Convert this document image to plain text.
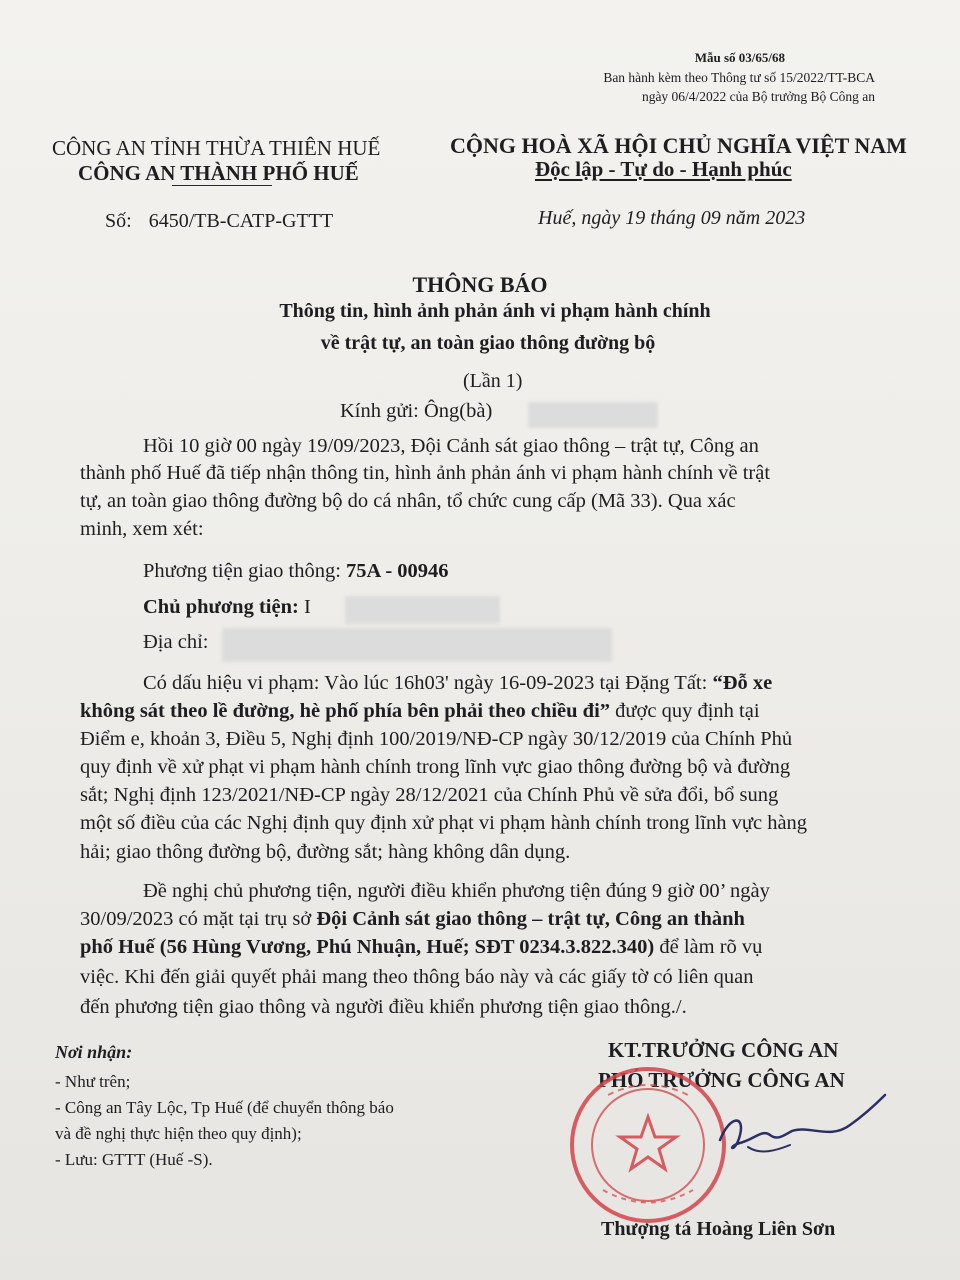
Mẫu số 03/65/68
Ban hành kèm theo Thông tư số 15/2022/TT-BCA
ngày 06/4/2022 của Bộ trưởng Bộ Công an
CÔNG AN TỈNH THỪA THIÊN HUẾ
CÔNG AN THÀNH PHỐ HUẾ
CỘNG HOÀ XÃ HỘI CHỦ NGHĨA VIỆT NAM
Độc lập - Tự do - Hạnh phúc
Số: 6450/TB-CATP-GTTT	Huế, ngày 19 tháng 09 năm 2023
THÔNG BÁO
Thông tin, hình ảnh phản ánh vi phạm hành chính
về trật tự, an toàn giao thông đường bộ
(Lần 1)
Kính gửi: Ông(bà)
Hồi 10 giờ 00 ngày 19/09/2023, Đội Cảnh sát giao thông – trật tự, Công an
thành phố Huế đã tiếp nhận thông tin, hình ảnh phản ánh vi phạm hành chính về trật
tự, an toàn giao thông đường bộ do cá nhân, tổ chức cung cấp (Mã 33). Qua xác
minh, xem xét:
Phương tiện giao thông: 75A - 00946
Chủ phương tiện: I
Địa chỉ:
Có dấu hiệu vi phạm: Vào lúc 16h03' ngày 16-09-2023 tại Đặng Tất: “Đỗ xe
không sát theo lề đường, hè phố phía bên phải theo chiều đi” được quy định tại
Điểm e, khoản 3, Điều 5, Nghị định 100/2019/NĐ-CP ngày 30/12/2019 của Chính Phủ
quy định về xử phạt vi phạm hành chính trong lĩnh vực giao thông đường bộ và đường
sắt; Nghị định 123/2021/NĐ-CP ngày 28/12/2021 của Chính Phủ về sửa đổi, bổ sung
một số điều của các Nghị định quy định xử phạt vi phạm hành chính trong lĩnh vực hàng
hải; giao thông đường bộ, đường sắt; hàng không dân dụng.
Đề nghị chủ phương tiện, người điều khiển phương tiện đúng 9 giờ 00’ ngày
30/09/2023 có mặt tại trụ sở Đội Cảnh sát giao thông – trật tự, Công an thành
phố Huế (56 Hùng Vương, Phú Nhuận, Huế; SĐT 0234.3.822.340) để làm rõ vụ
việc. Khi đến giải quyết phải mang theo thông báo này và các giấy tờ có liên quan
đến phương tiện giao thông và người điều khiển phương tiện giao thông./.
Nơi nhận:
- Như trên;
- Công an Tây Lộc, Tp Huế (để chuyển thông báo
và đề nghị thực hiện theo quy định);
- Lưu: GTTT (Huế -S).
KT.TRƯỞNG CÔNG AN
PHÓ TRƯỞNG CÔNG AN
Thượng tá Hoàng Liên Sơn
